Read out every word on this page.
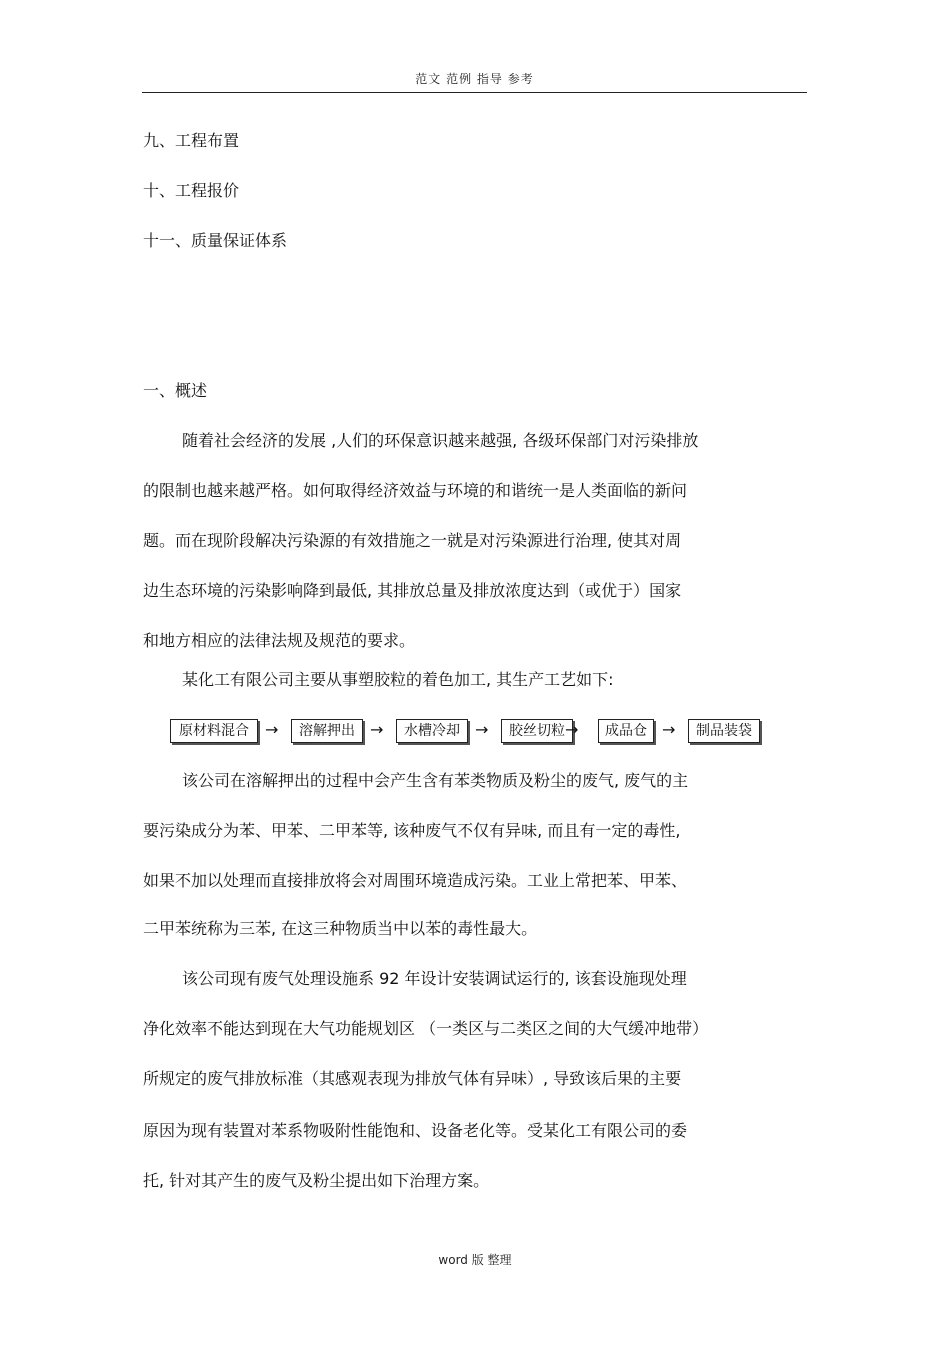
范文 范例 指导 参考
九、工程布置
十、工程报价
十一、质量保证体系
一、概述
随着社会经济的发展 ,人们的环保意识越来越强, 各级环保部门对污染排放
的限制也越来越严格。如何取得经济效益与环境的和谐统一是人类面临的新问
题。而在现阶段解决污染源的有效措施之一就是对污染源进行治理, 使其对周
边生态环境的污染影响降到最低, 其排放总量及排放浓度达到（或优于）国家
和地方相应的法律法规及规范的要求。
某化工有限公司主要从事塑胶粒的着色加工, 其生产工艺如下:
原材料混合	→	溶解押出 →	水槽冷却 →	胶丝切粒 →	成品仓 →	制品装袋
该公司在溶解押出的过程中会产生含有苯类物质及粉尘的废气, 废气的主
要污染成分为苯、甲苯、二甲苯等, 该种废气不仅有异味, 而且有一定的毒性,
如果不加以处理而直接排放将会对周围环境造成污染。工业上常把苯、甲苯、
二甲苯统称为三苯, 在这三种物质当中以苯的毒性最大。
该公司现有废气处理设施系 92 年设计安装调试运行的, 该套设施现处理
净化效率不能达到现在大气功能规划区 （一类区与二类区之间的大气缓冲地带）
所规定的废气排放标准（其感观表现为排放气体有异味）, 导致该后果的主要
原因为现有装置对苯系物吸附性能饱和、设备老化等。受某化工有限公司的委
托, 针对其产生的废气及粉尘提出如下治理方案。
word 版 整理
